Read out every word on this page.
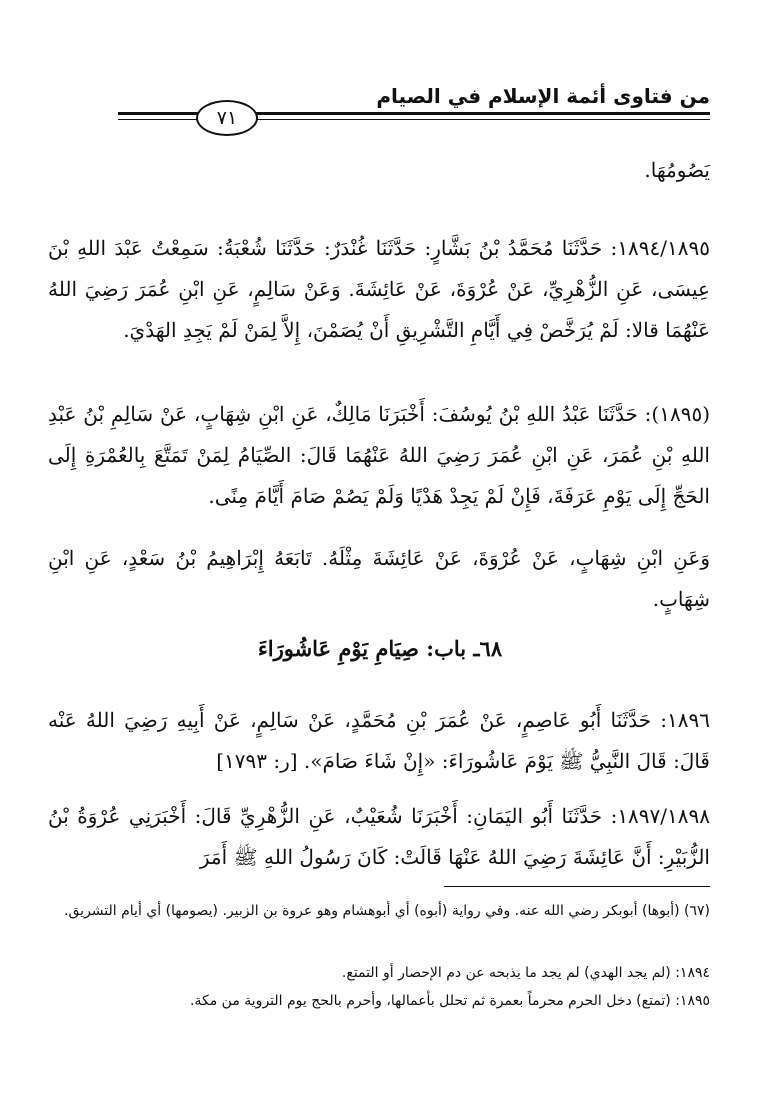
من فتاوى أئمة الإسلام في الصيام
٧١

يَصُومُهَا.

١٨٩٤/١٨٩٥: حَدَّثَنَا مُحَمَّدُ بْنُ بَشَّارٍ: حَدَّثَنَا غُنْدَرٌ: حَدَّثَنَا شُعْبَةُ: سَمِعْتُ عَبْدَ اللهِ بْنَ عِيسَى، عَنِ الزُّهْرِيِّ، عَنْ عُرْوَةَ، عَنْ عَائِشَةَ. وَعَنْ سَالِمٍ، عَنِ ابْنِ عُمَرَ رَضِيَ اللهُ عَنْهُمَا قالا: لَمْ يُرَخَّصْ فِي أَيَّامِ التَّشْرِيقِ أَنْ يُصَمْنَ، إِلاَّ لِمَنْ لَمْ يَجِدِ الهَدْيَ.

(١٨٩٥): حَدَّثَنَا عَبْدُ اللهِ بْنُ يُوسُفَ: أَخْبَرَنَا مَالِكٌ، عَنِ ابْنِ شِهَابٍ، عَنْ سَالِمِ بْنُ عَبْدِ اللهِ بْنِ عُمَرَ، عَنِ ابْنِ عُمَرَ رَضِيَ اللهُ عَنْهُمَا قَالَ: الصِّيَامُ لِمَنْ تَمَتَّعَ بِالعُمْرَةِ إِلَى الحَجِّ إِلَى يَوْمِ عَرَفَةَ، فَإِنْ لَمْ يَجِدْ هَدْيًا وَلَمْ يَصُمْ صَامَ أَيَّامَ مِنًى.

وَعَنِ ابْنِ شِهَابٍ، عَنْ عُرْوَةَ، عَنْ عَائِشَةَ مِثْلَهُ. تَابَعَهُ إِبْرَاهِيمُ بْنُ سَعْدٍ، عَنِ ابْنِ شِهَابٍ.

٦٨ـ باب: صِيَامِ يَوْمِ عَاشُورَاءَ

١٨٩٦: حَدَّثَنَا أَبُو عَاصِمٍ، عَنْ عُمَرَ بْنِ مُحَمَّدٍ، عَنْ سَالِمٍ، عَنْ أَبِيهِ رَضِيَ اللهُ عَنْه قَالَ: قَالَ النَّبِيُّ ﷺ يَوْمَ عَاشُورَاءَ: «إِنْ شَاءَ صَامَ». [ر: ١٧٩٣]

١٨٩٧/١٨٩٨: حَدَّثَنَا أَبُو اليَمَانِ: أَخْبَرَنَا شُعَيْبٌ، عَنِ الزُّهْرِيِّ قَالَ: أَخْبَرَنِي عُرْوَةُ بْنُ الزُّبَيْرِ: أَنَّ عَائِشَةَ رَضِيَ اللهُ عَنْهَا قَالَتْ: كَانَ رَسُولُ اللهِ ﷺ أَمَرَ

(٦٧) (أبوها) أبوبكر رضي الله عنه. وفي رواية (أبوه) أي أبوهشام وهو عروة بن الزبير. (يصومها) أي أيام التشريق.

١٨٩٤: (لم يجد الهدي) لم يجد ما يذبحه عن دم الإحصار أو التمتع.

١٨٩٥: (تمتع) دخل الحرم محرماً بعمرة ثم تحلل بأعمالها، وأحرم بالحج يوم التروية من مكة.
